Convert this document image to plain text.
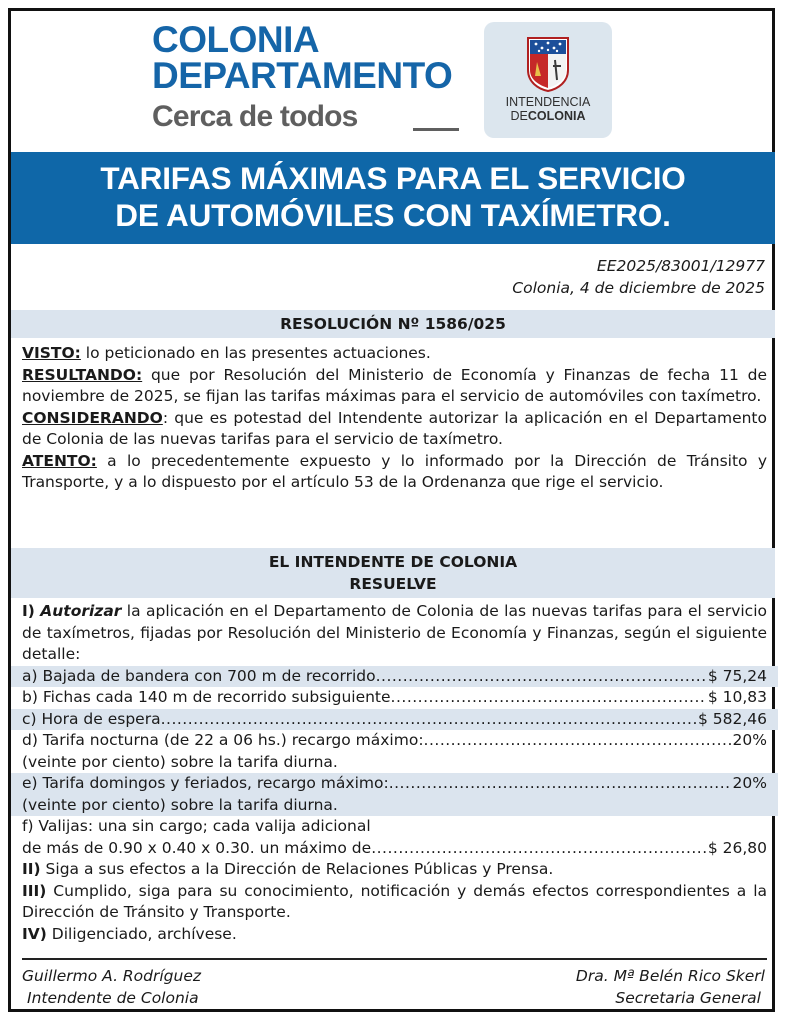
COLONIA
DEPARTAMENTO
Cerca de todos	INTENDENCIA
DECOLONIA
TARIFAS MÁXIMAS PARA EL SERVICIO
DE AUTOMÓVILES CON TAXÍMETRO.
EE2025/83001/12977
Colonia, 4 de diciembre de 2025
RESOLUCIÓN Nº 1586/025

VISTO: lo peticionado en las presentes actuaciones.

RESULTANDO: que por Resolución del Ministerio de Economía y Finanzas de fecha 11 de noviembre de 2025, se fijan las tarifas máximas para el servicio de automóviles con taxímetro.

CONSIDERANDO: que es potestad del Intendente autorizar la aplicación en el Departamento de Colonia de las nuevas tarifas para el servicio de taxímetro.

ATENTO: a lo precedentemente expuesto y lo informado por la Dirección de Tránsito y Transporte, y a lo dispuesto por el artículo 53 de la Ordenanza que rige el servicio.

EL INTENDENTE DE COLONIA
RESUELVE

I) Autorizar la aplicación en el Departamento de Colonia de las nuevas tarifas para el servicio de taxímetros, fijadas por Resolución del Ministerio de Economía y Finanzas, según el siguiente detalle:

a) Bajada de bandera con 700 m de recorrido .....	$ 75,24
b) Fichas cada 140 m de recorrido subsiguiente .....	$ 10,83
c) Hora de espera .....	$ 582,46
d) Tarifa nocturna (de 22 a 06 hs.) recargo máximo: .....	20%
(veinte por ciento) sobre la tarifa diurna.
e) Tarifa domingos y feriados, recargo máximo: .....	20%
(veinte por ciento) sobre la tarifa diurna.
f) Valijas: una sin cargo; cada valija adicional
de más de 0.90 x 0.40 x 0.30. un máximo de .....	$ 26,80

II) Siga a sus efectos a la Dirección de Relaciones Públicas y Prensa.

III) Cumplido, siga para su conocimiento, notificación y demás efectos correspondientes a la Dirección de Tránsito y Transporte.

IV) Diligenciado, archívese.

Guillermo A. Rodríguez
Intendente de Colonia
Dra. Mª Belén Rico Skerl
Secretaria General
